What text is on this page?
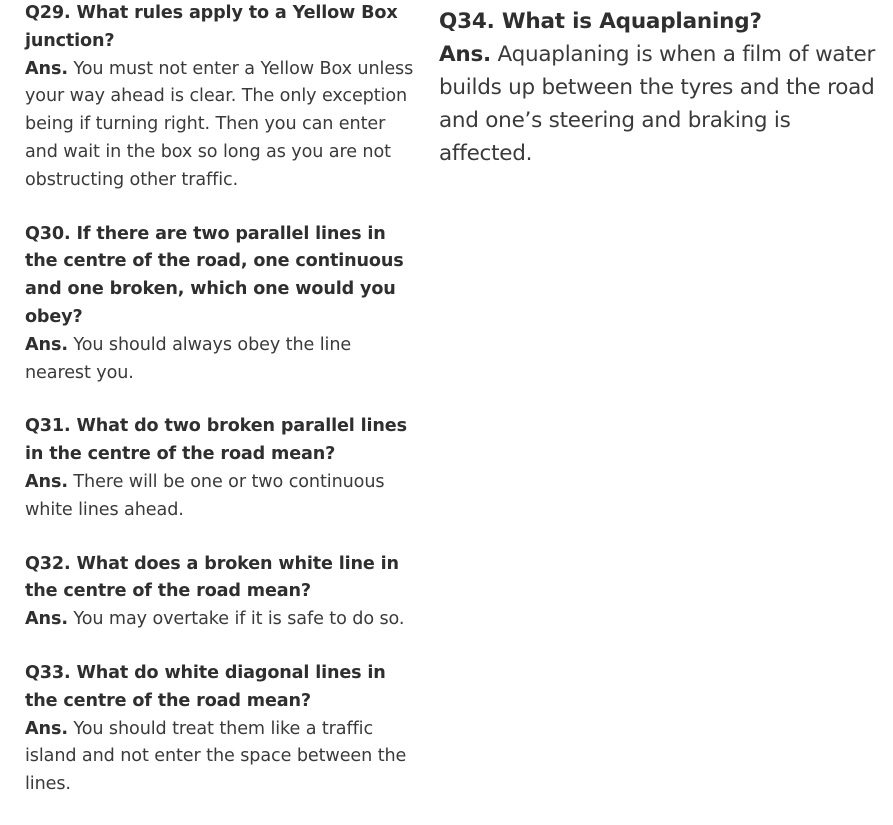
Q29. What rules apply to a Yellow Box junction?
Ans. You must not enter a Yellow Box unless your way ahead is clear. The only exception being if turning right. Then you can enter and wait in the box so long as you are not obstructing other traffic.
Q30. If there are two parallel lines in the centre of the road, one continuous and one broken, which one would you obey?
Ans. You should always obey the line nearest you.
Q31. What do two broken parallel lines in the centre of the road mean?
Ans. There will be one or two continuous white lines ahead.
Q32. What does a broken white line in the centre of the road mean?
Ans. You may overtake if it is safe to do so.
Q33. What do white diagonal lines in the centre of the road mean?
Ans. You should treat them like a traffic island and not enter the space between the lines.
Q34. What is Aquaplaning?
Ans. Aquaplaning is when a film of water builds up between the tyres and the road and one’s steering and braking is affected.
